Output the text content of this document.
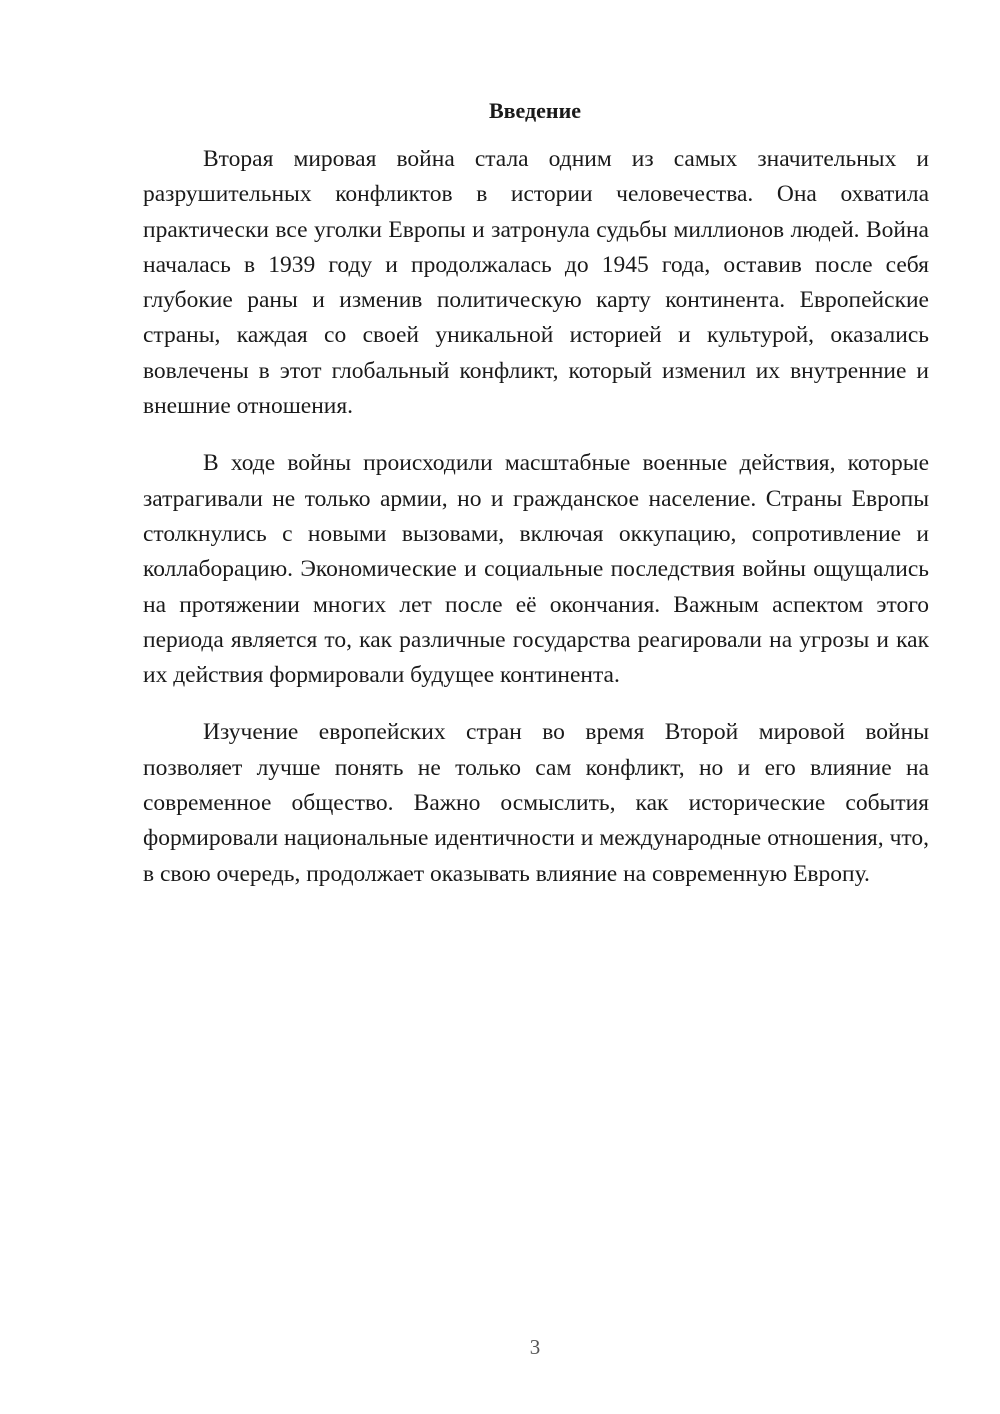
Введение

Вторая мировая война стала одним из самых значительных и разрушительных конфликтов в истории человечества. Она охватила практически все уголки Европы и затронула судьбы миллионов людей. Война началась в 1939 году и продолжалась до 1945 года, оставив после себя глубокие раны и изменив политическую карту континента. Европейские страны, каждая со своей уникальной историей и культурой, оказались вовлечены в этот глобальный конфликт, который изменил их внутренние и внешние отношения.

В ходе войны происходили масштабные военные действия, которые затрагивали не только армии, но и гражданское население. Страны Европы столкнулись с новыми вызовами, включая оккупацию, сопротивление и коллаборацию. Экономические и социальные последствия войны ощущались на протяжении многих лет после её окончания. Важным аспектом этого периода является то, как различные государства реагировали на угрозы и как их действия формировали будущее континента.

Изучение европейских стран во время Второй мировой войны позволяет лучше понять не только сам конфликт, но и его влияние на современное общество. Важно осмыслить, как исторические события формировали национальные идентичности и международные отношения, что, в свою очередь, продолжает оказывать влияние на современную Европу.

3
